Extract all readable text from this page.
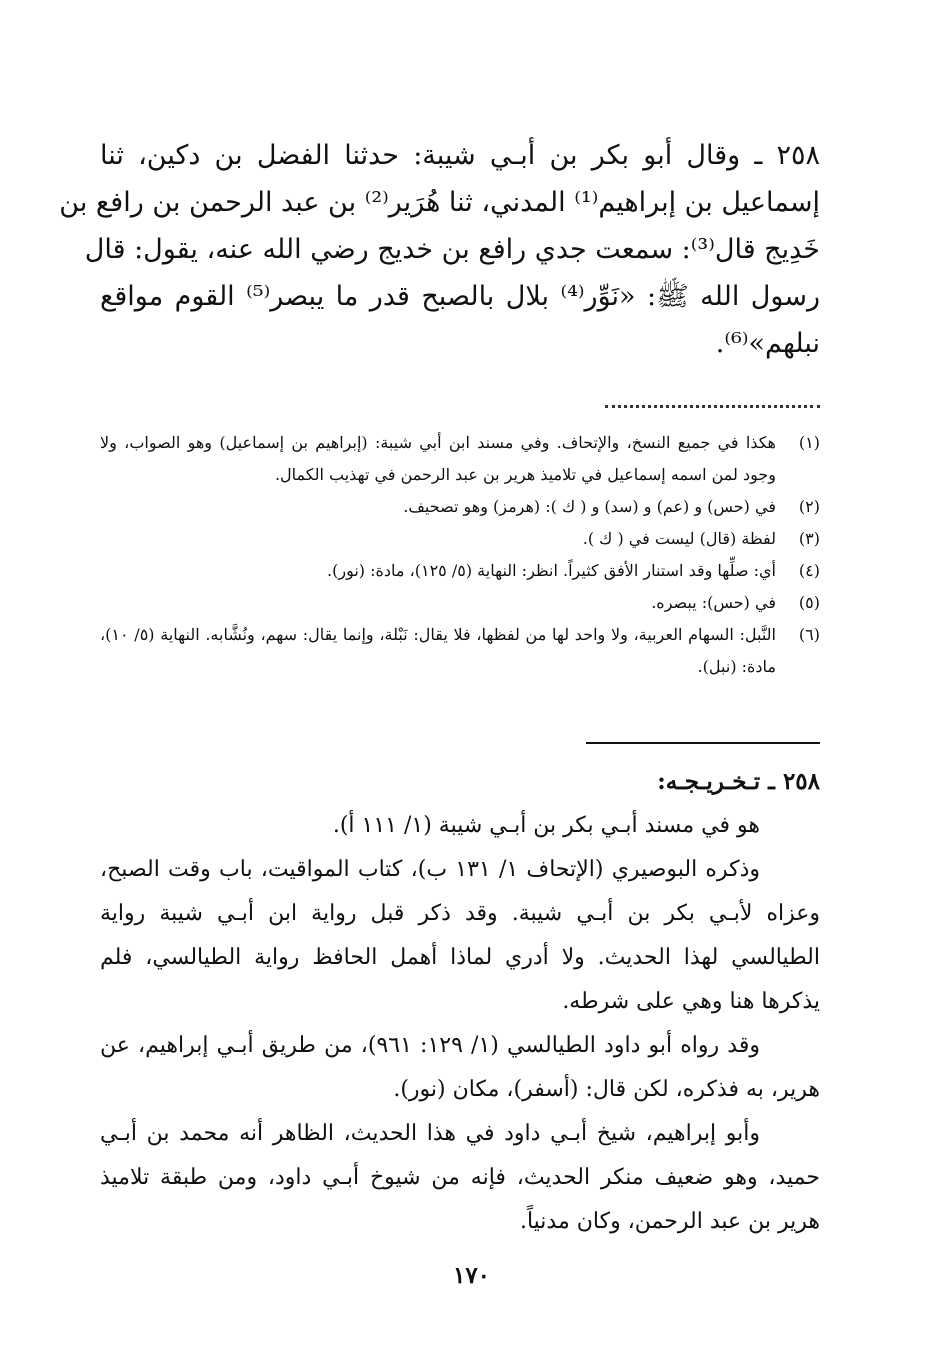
٢٥٨ ـ وقال أبو بكر بن أبـي شيبة: حدثنا الفضل بن دكين، ثنا
إسماعيل بن إبراهيم⁽¹⁾ المدني، ثنا هُرَير⁽²⁾ بن عبد الرحمن بن رافع بن
خَدِيج قال⁽³⁾: سمعت جدي رافع بن خديج رضي الله عنه، يقول: قال
رسول الله ﷺ: «نَوِّر⁽⁴⁾ بلال بالصبح قدر ما يبصر⁽⁵⁾ القوم مواقع
نبلهم»⁽⁶⁾.
(١)
هكذا في جميع النسخ، والإتحاف. وفي مسند ابن أبي شيبة: (إبراهيم بن إسماعيل) وهو الصواب، ولا وجود لمن اسمه إسماعيل في تلاميذ هرير بن عبد الرحمن في تهذيب الكمال.
(٢)
في (حس) و (عم) و (سد) و ( ك ): (هرمز) وهو تصحيف.
(٣)
لفظة (قال) ليست في ( ك ).
(٤)
أي: صلِّها وقد استنار الأفق كثيراً. انظر: النهاية (٥/ ١٢٥)، مادة: (نور).
(٥)
في (حس): يبصره.
(٦)
النَّبل: السهام العربية، ولا واحد لها من لفظها، فلا يقال: نَبْلة، وإنما يقال: سهم، ونُشَّابه. النهاية (٥/ ١٠)، مادة: (نبل).
٢٥٨ ـ تـخـريـجـه:
هو في مسند أبـي بكر بن أبـي شيبة (١/ ١١١ أ).
وذكره البوصيري (الإتحاف ١/ ١٣١ ب)، كتاب المواقيت، باب وقت الصبح، وعزاه لأبـي بكر بن أبـي شيبة. وقد ذكر قبل رواية ابن أبـي شيبة رواية الطيالسي لهذا الحديث. ولا أدري لماذا أهمل الحافظ رواية الطيالسي، فلم يذكرها هنا وهي على شرطه.
وقد رواه أبو داود الطيالسي (١/ ١٢٩: ٩٦١)، من طريق أبـي إبراهيم، عن هرير، به فذكره، لكن قال: (أسفر)، مكان (نور).
وأبو إبراهيم، شيخ أبـي داود في هذا الحديث، الظاهر أنه محمد بن أبـي حميد، وهو ضعيف منكر الحديث، فإنه من شيوخ أبـي داود، ومن طبقة تلاميذ هرير بن عبد الرحمن، وكان مدنياً.
١٧٠
